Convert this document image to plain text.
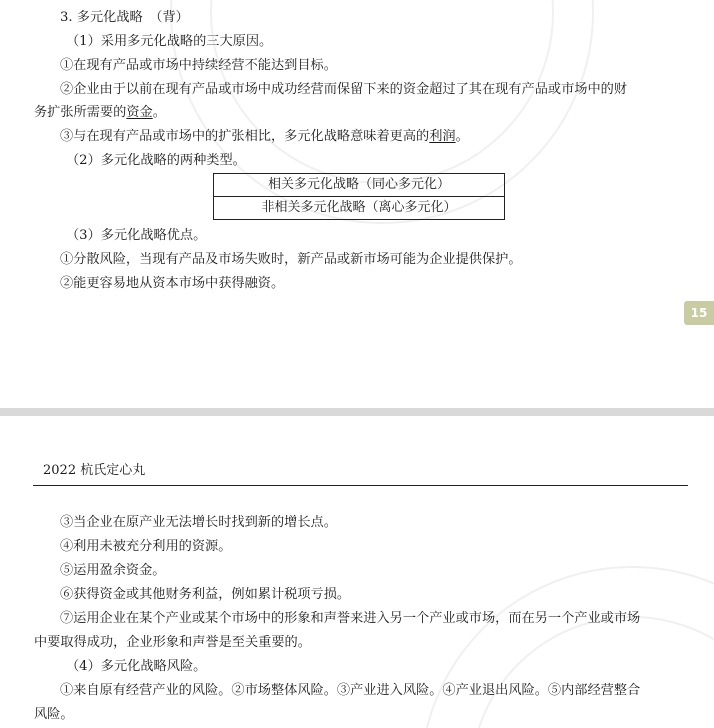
3. 多元化战略　（背）

（1）采用多元化战略的三大原因。

①在现有产品或市场中持续经营不能达到目标。

②企业由于以前在现有产品或市场中成功经营而保留下来的资金超过了其在现有产品或市场中的财

务扩张所需要的资金。

③与在现有产品或市场中的扩张相比，多元化战略意味着更高的利润。

（2）多元化战略的两种类型。

相关多元化战略（同心多元化）
非相关多元化战略（离心多元化）

（3）多元化战略优点。

①分散风险，当现有产品及市场失败时，新产品或新市场可能为企业提供保护。

②能更容易地从资本市场中获得融资。

15

2022 杭氏定心丸

③当企业在原产业无法增长时找到新的增长点。

④利用未被充分利用的资源。

⑤运用盈余资金。

⑥获得资金或其他财务利益，例如累计税项亏损。

⑦运用企业在某个产业或某个市场中的形象和声誉来进入另一个产业或市场，而在另一个产业或市场

中要取得成功，企业形象和声誉是至关重要的。

（4）多元化战略风险。

①来自原有经营产业的风险。②市场整体风险。③产业进入风险。④产业退出风险。⑤内部经营整合

风险。
